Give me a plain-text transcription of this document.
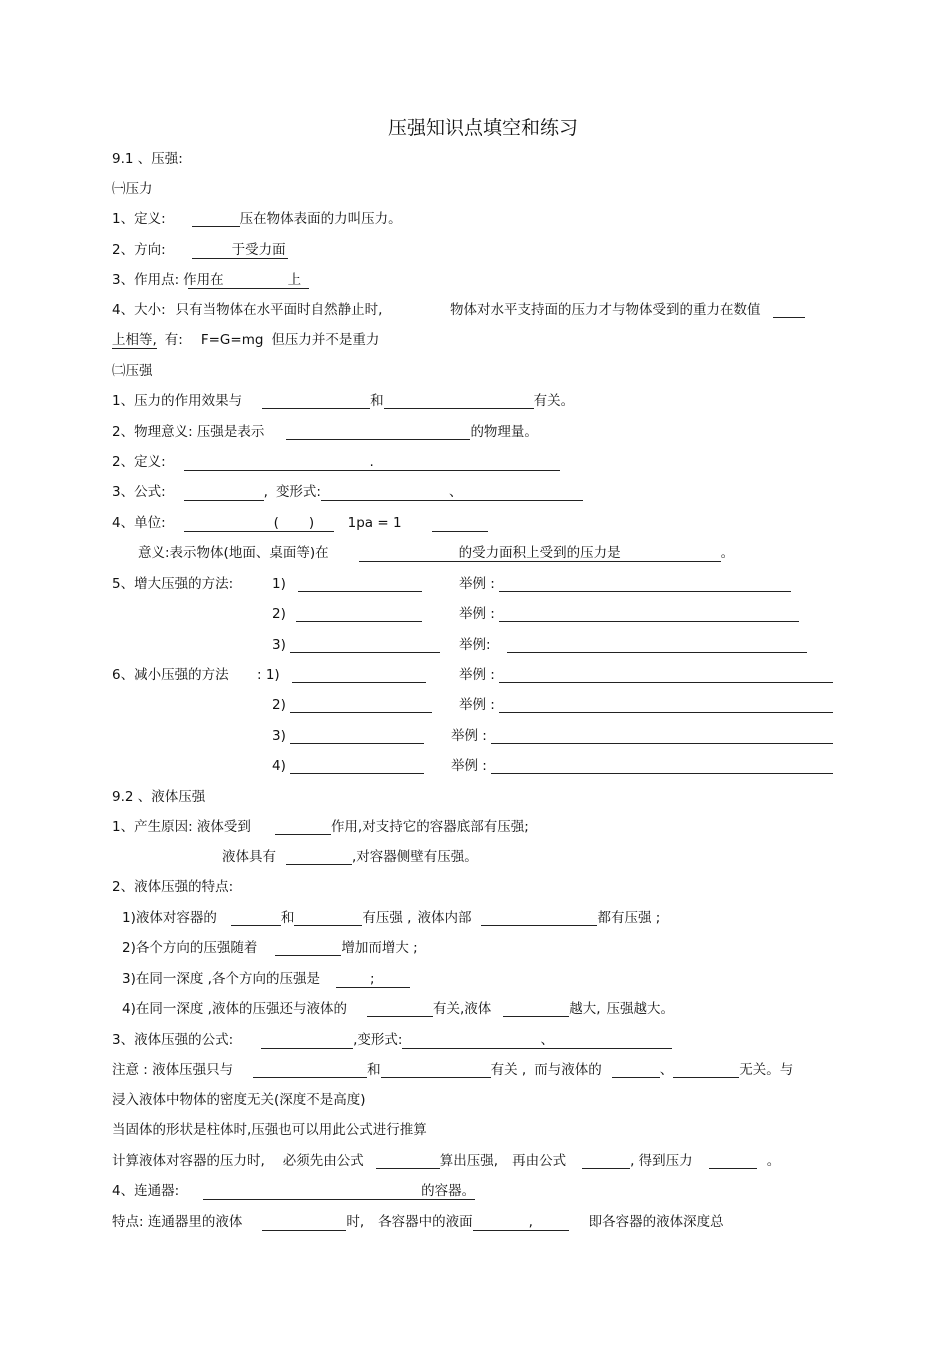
压强知识点填空和练习
9.1 、压强:
㈠压力
1、定义:	压在物体表面的力叫压力。
2、方向:	于受力面
3、作用点: 作用在	上
4、大小: 只有当物体在水平面时自然静止时,	物体对水平支持面的压力才与物体受到的重力在数值
上相等, 有: F=G=mg 但压力并不是重力
㈡压强
1、压力的作用效果与	和	有关。
2、物理意义: 压强是表示	的物理量。
2、定义:	.
3、公式:	, 变形式:	、
4、单位:	( ) 1pa = 1
意义:表示物体(地面、桌面等)在	的受力面积上受到的压力是	。
5、增大压强的方法:	1)	举例 :
2)	举例 :
3)	举例:
6、减小压强的方法 : 1)	举例 :
2)	举例 :
3)	举例 :
4)	举例 :
9.2 、液体压强
1、产生原因: 液体受到	作用,对支持它的容器底部有压强;
液体具有	,对容器侧壁有压强。
2、液体压强的特点:
1)液体对容器的	和	有压强 , 液体内部	都有压强 ;
2)各个方向的压强随着	增加而增大 ;
3)在同一深度 ,各个方向的压强是	;
4)在同一深度 ,液体的压强还与液体的	有关,液体	越大, 压强越大。
3、液体压强的公式:	,变形式:	、
注意 : 液体压强只与	和	有关 , 而与液体的	、	无关。与
浸入液体中物体的密度无关(深度不是高度)
当固体的形状是柱体时,压强也可以用此公式进行推算
计算液体对容器的压力时, 必须先由公式	算出压强, 再由公式	, 得到压力	。
4、连通器:	的容器。
特点: 连通器里的液体	时, 各容器中的液面	,	即各容器的液体深度总
